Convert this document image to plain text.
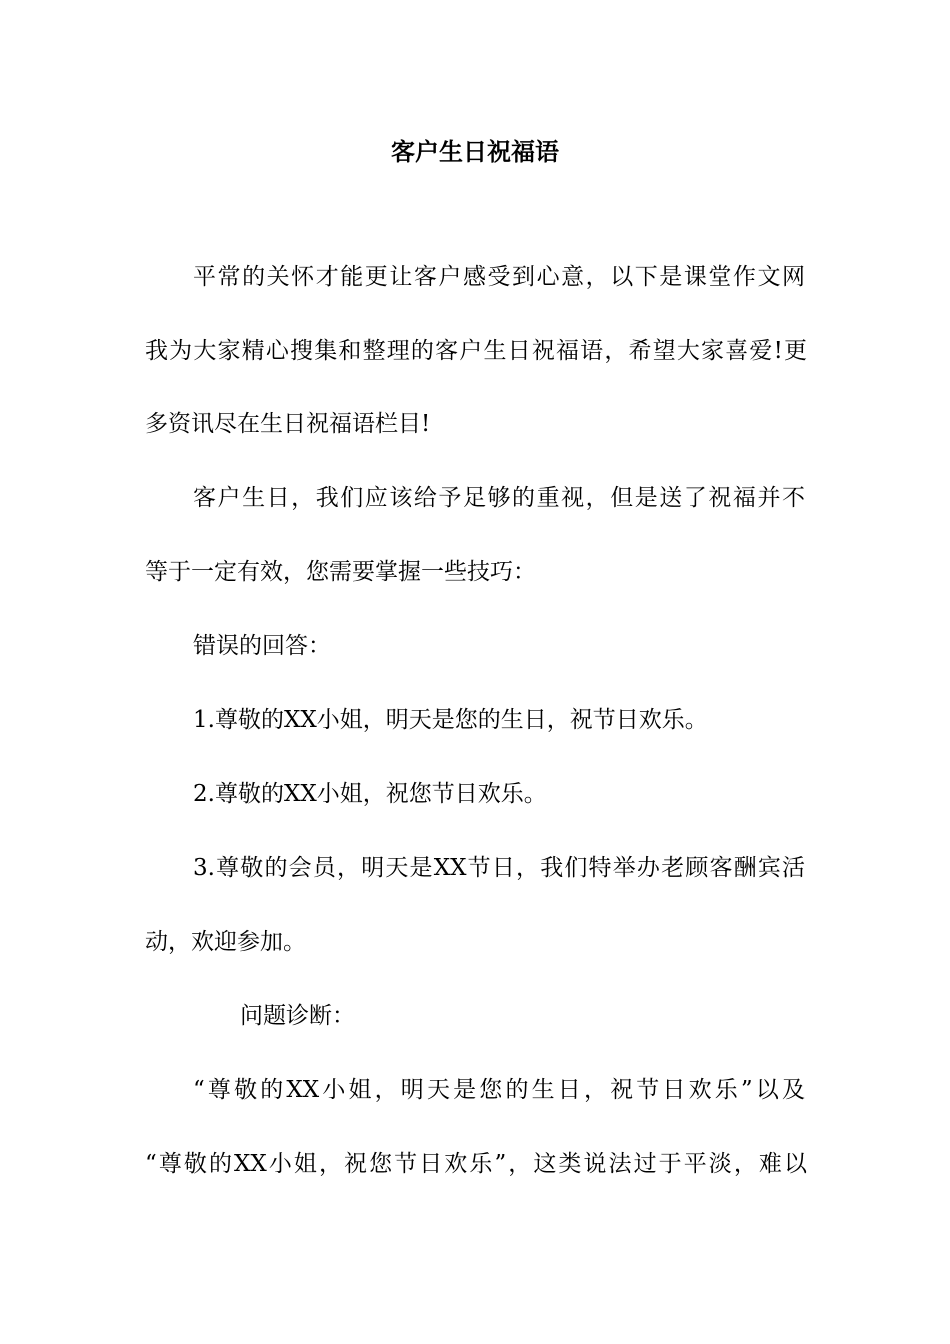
客户生日祝福语
平常的关怀才能更让客户感受到心意，以下是课堂作文网
我为大家精心搜集和整理的客户生日祝福语，希望大家喜爱!更
多资讯尽在生日祝福语栏目!
客户生日，我们应该给予足够的重视，但是送了祝福并不
等于一定有效，您需要掌握一些技巧：
错误的回答：
1.尊敬的XX小姐，明天是您的生日，祝节日欢乐。
2.尊敬的XX小姐，祝您节日欢乐。
3.尊敬的会员，明天是XX节日，我们特举办老顾客酬宾活
动，欢迎参加。
问题诊断：
“尊敬的XX小姐，明天是您的生日，祝节日欢乐”以及
“尊敬的XX小姐，祝您节日欢乐”，这类说法过于平淡，难以
